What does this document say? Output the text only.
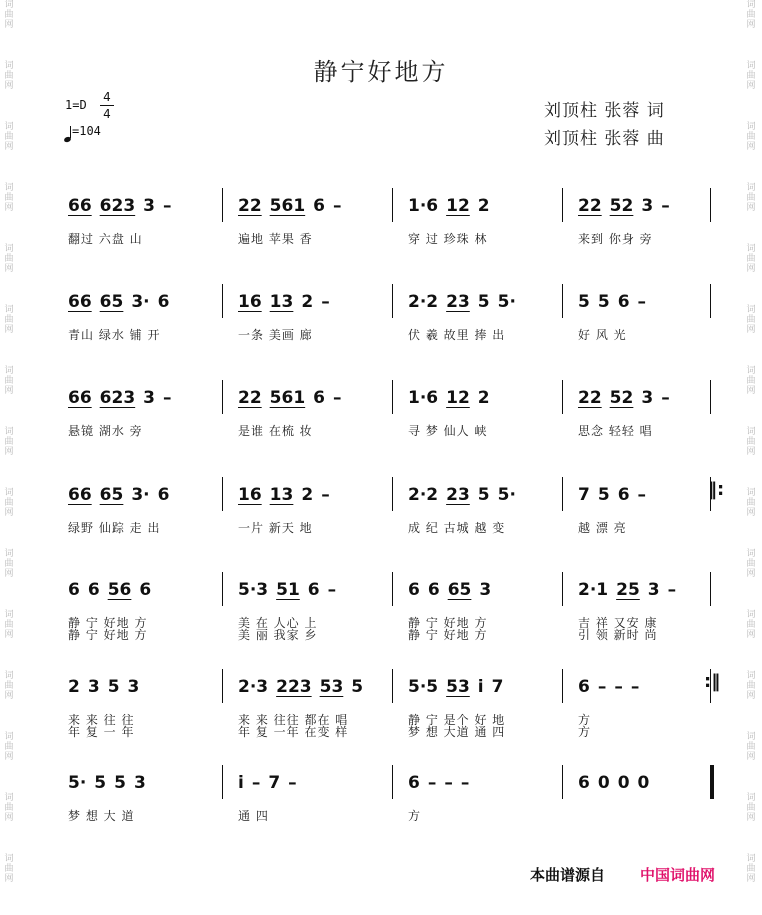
词曲网
词曲网
词曲网
词曲网
词曲网
词曲网
词曲网
词曲网
词曲网
词曲网
词曲网
词曲网
词曲网
词曲网
词曲网
词曲网
词曲网
词曲网
词曲网
词曲网
词曲网
词曲网
词曲网
词曲网
词曲网
词曲网
词曲网
词曲网
词曲网
词曲网
静宁好地方
1=D
4
4
=104
刘顶柱 张蓉 词
刘顶柱 张蓉 曲
66 623 3 –	22 561 6 –	1·6 12 2	22 52 3 –
翻过 六盘 山	遍地 苹果 香	穿 过 珍珠 林	来到 你身 旁
66 65 3· 6	16 13 2 –	2·2 23 5 5·	5 5 6 –
青山 绿水 铺 开	一条 美画 廊	伏 羲 故里 捧 出	好 风 光
66 623 3 –	22 561 6 –	1·6 12 2	22 52 3 –
悬镜 湖水 旁	是谁 在梳 妆	寻 梦 仙人 峡	思念 轻轻 唱
66 65 3· 6	16 13 2 –	2·2 23 5 5·	7 5 6 –	‖:
绿野 仙踪 走 出	一片 新天 地	成 纪 古城 越 变	越 漂 亮
6 6 56 6	5·3 51 6 –	6 6 65 3	2·1 25 3 –
静 宁 好地 方	美 在 人心 上	静 宁 好地 方	吉 祥 又安 康
静 宁 好地 方	美 丽 我家 乡	静 宁 好地 方	引 领 新时 尚
2 3 5 3	2·3 223 53 5	5·5 53 i 7	6 – – –	:‖
来 来 往 往	来 来 往往 都在 唱	静 宁 是个 好 地	方
年 复 一 年	年 复 一年 在变 样	梦 想 大道 通 四	方
5· 5 5 3	i – 7 –	6 – – –	6 0 0 0
梦 想 大 道	通 四	方
本曲谱源自 中国词曲网
